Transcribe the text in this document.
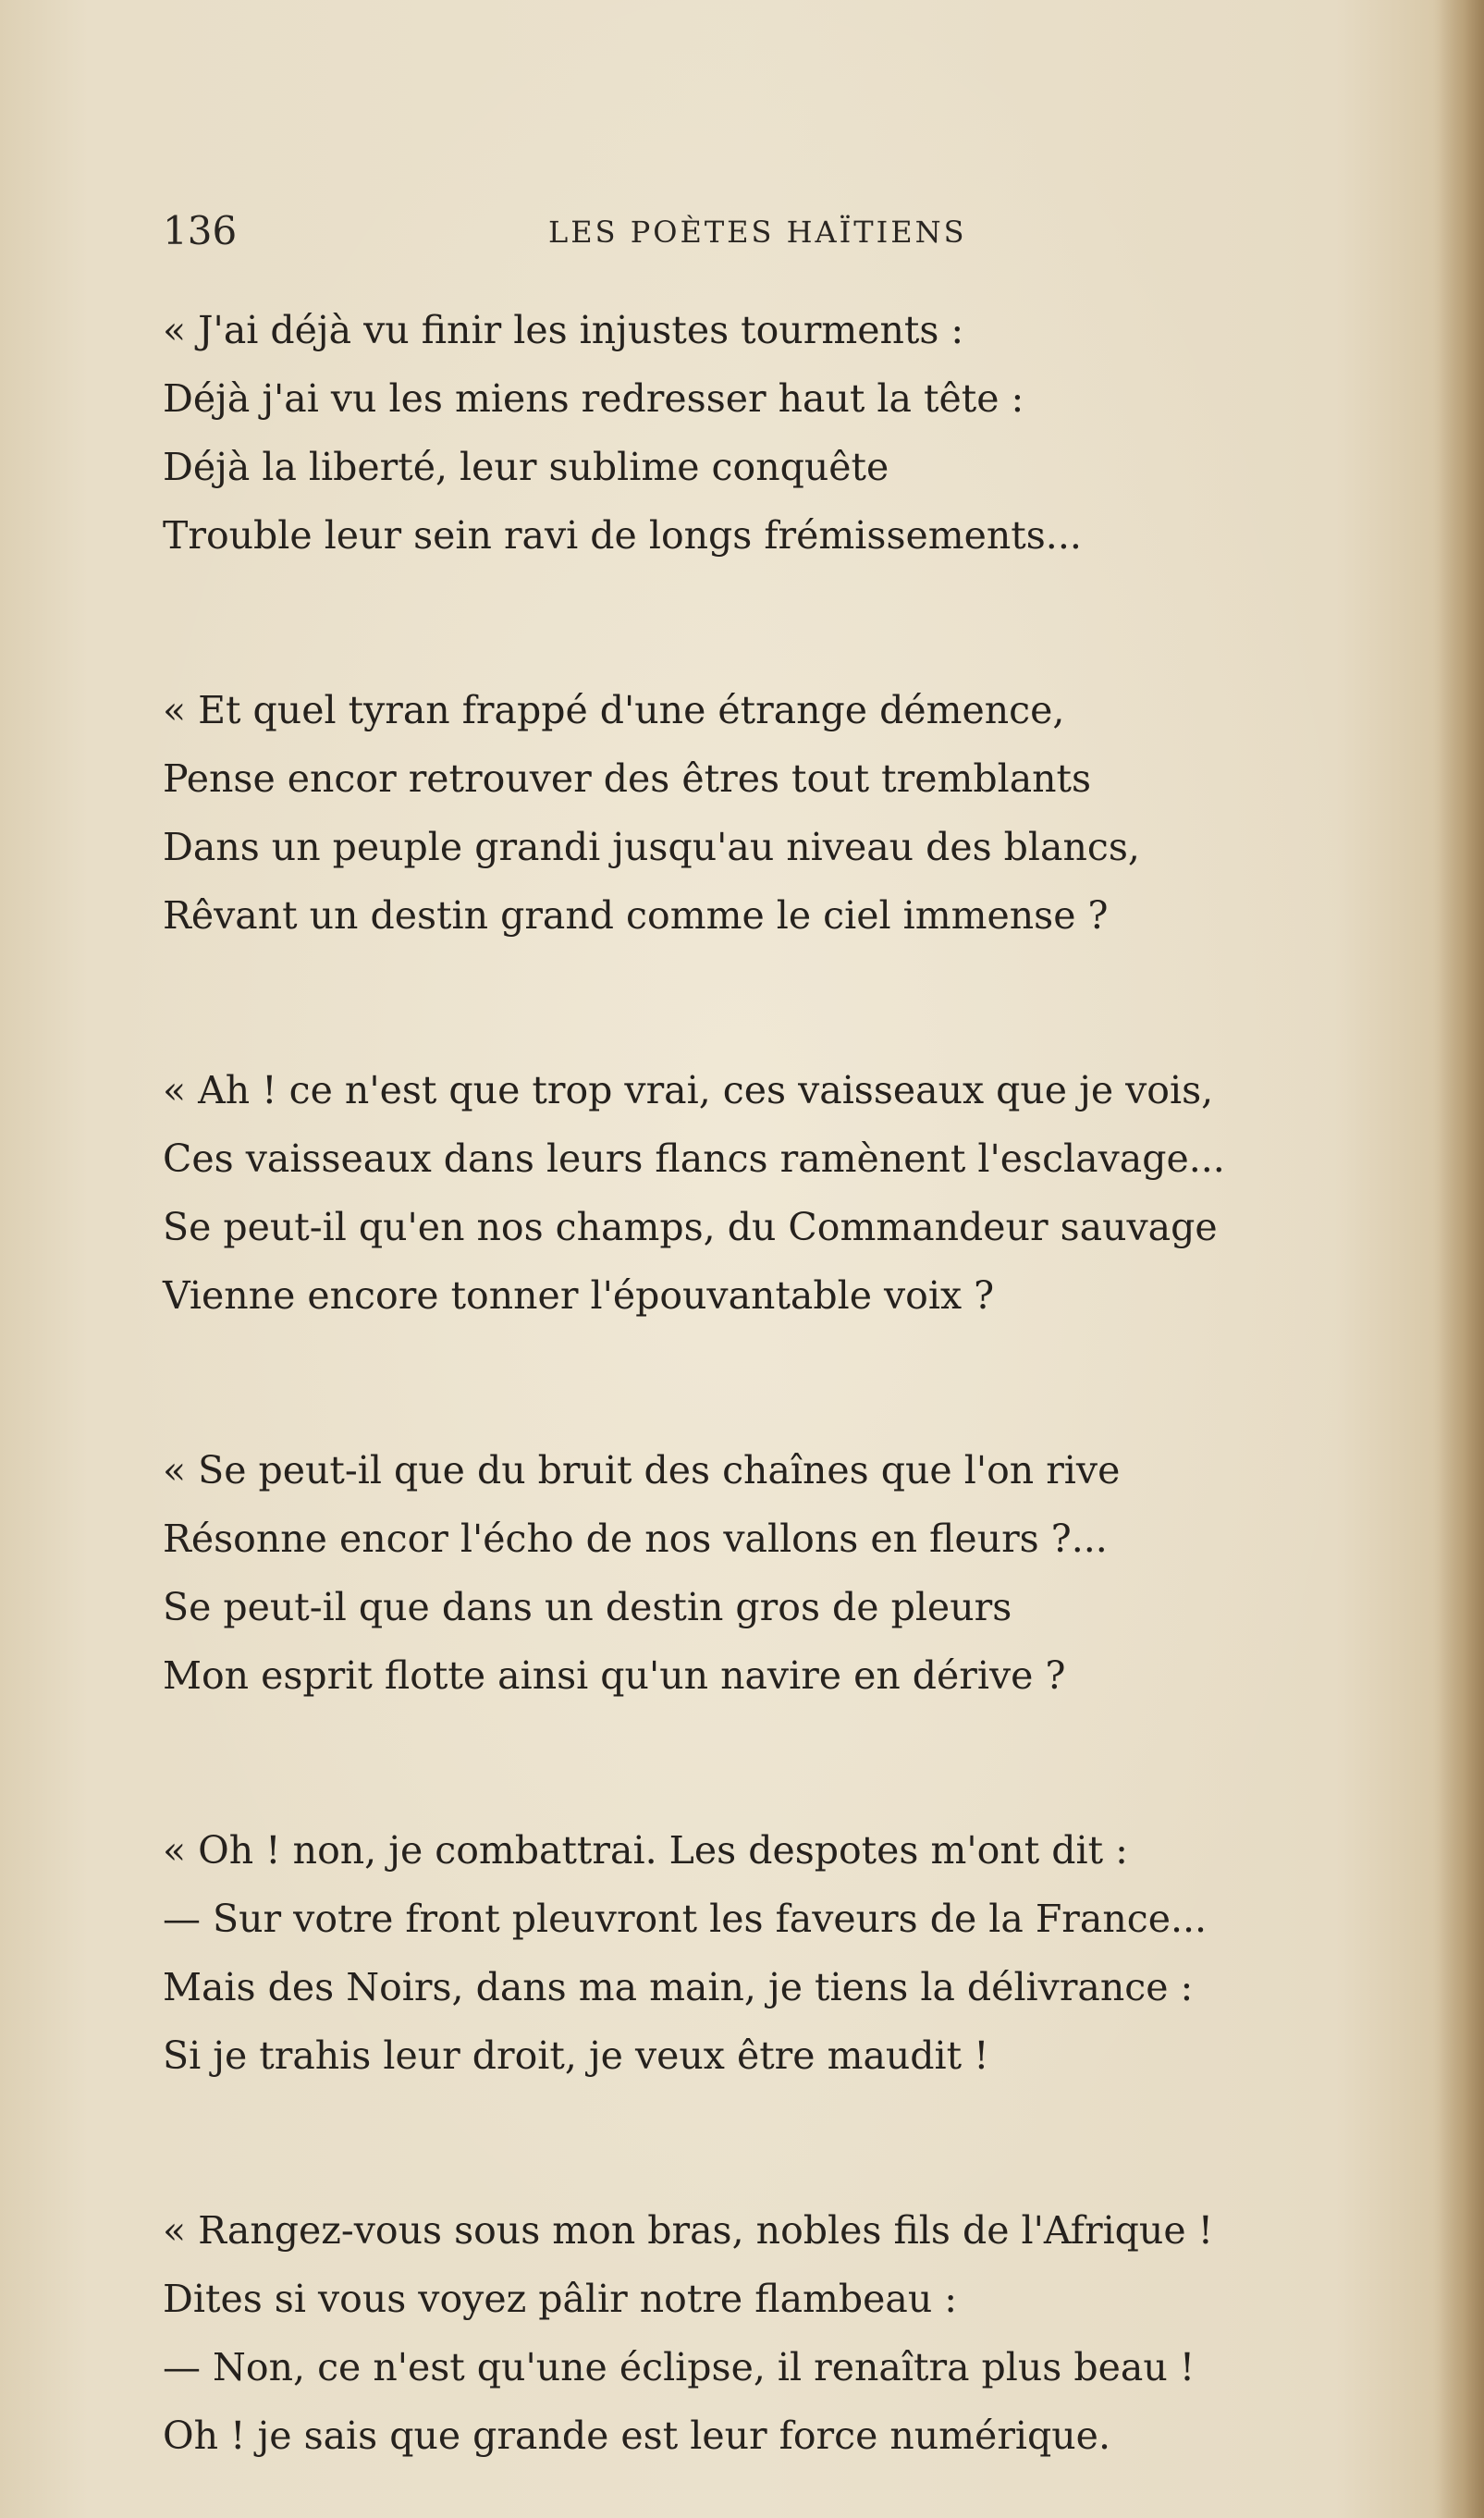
136	LES POÈTES HAÏTIENS
« J'ai déjà vu finir les injustes tourments :
Déjà j'ai vu les miens redresser haut la tête :
Déjà la liberté, leur sublime conquête
Trouble leur sein ravi de longs frémissements...
« Et quel tyran frappé d'une étrange démence,
Pense encor retrouver des êtres tout tremblants
Dans un peuple grandi jusqu'au niveau des blancs,
Rêvant un destin grand comme le ciel immense ?
« Ah ! ce n'est que trop vrai, ces vaisseaux que je vois,
Ces vaisseaux dans leurs flancs ramènent l'esclavage...
Se peut-il qu'en nos champs, du Commandeur sauvage
Vienne encore tonner l'épouvantable voix ?
« Se peut-il que du bruit des chaînes que l'on rive
Résonne encor l'écho de nos vallons en fleurs ?...
Se peut-il que dans un destin gros de pleurs
Mon esprit flotte ainsi qu'un navire en dérive ?
« Oh ! non, je combattrai. Les despotes m'ont dit :
— Sur votre front pleuvront les faveurs de la France...
Mais des Noirs, dans ma main, je tiens la délivrance :
Si je trahis leur droit, je veux être maudit !
« Rangez-vous sous mon bras, nobles fils de l'Afrique !
Dites si vous voyez pâlir notre flambeau :
— Non, ce n'est qu'une éclipse, il renaîtra plus beau !
Oh ! je sais que grande est leur force numérique.
